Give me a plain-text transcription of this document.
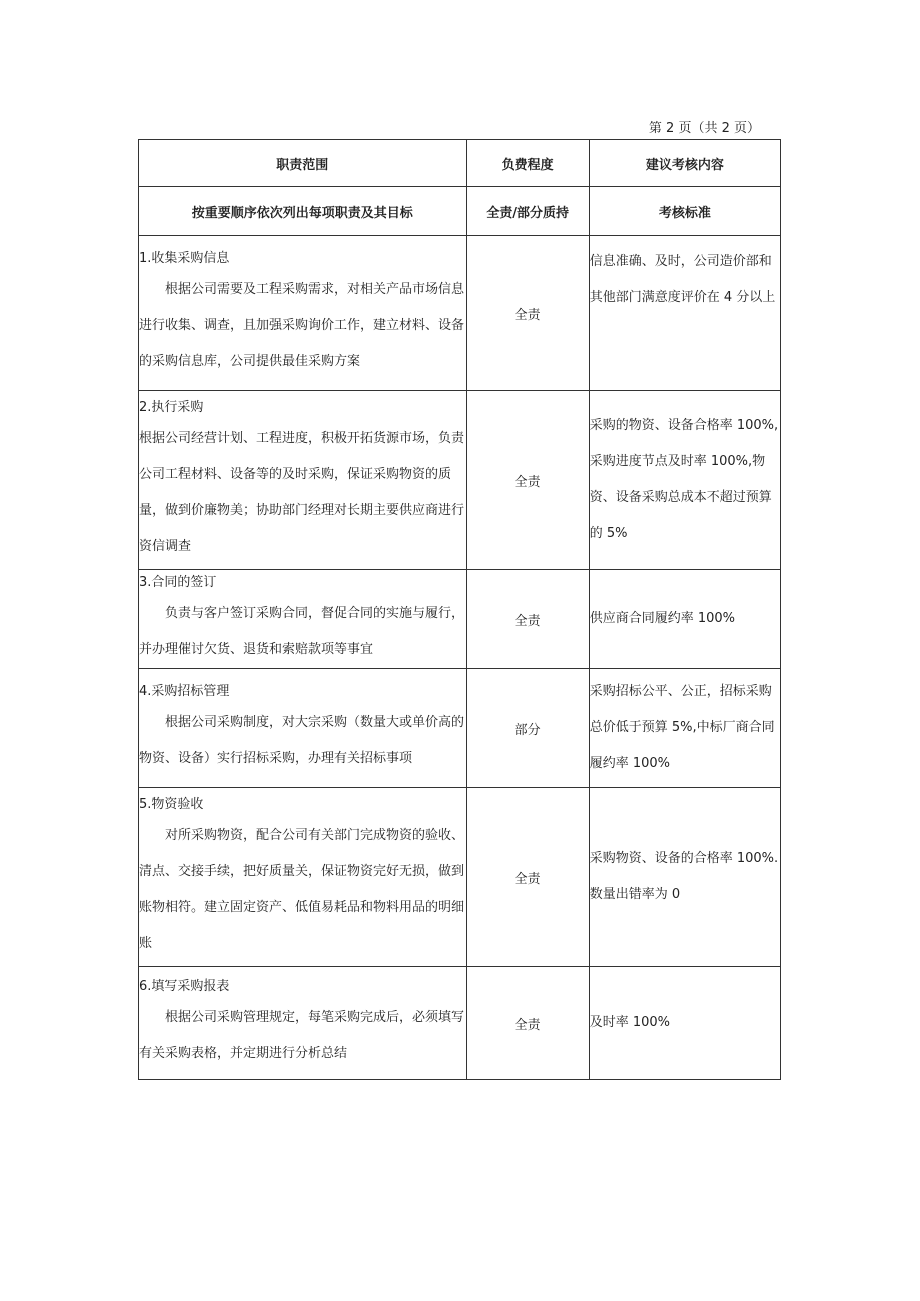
第 2 页（共 2 页）
职责范围	负费程度	建议考核内容
按重要顺序依次列出每项职责及其目标	全责/部分质持	考核标准

1.收集采购信息
根据公司需要及工程采购需求，对相关产品市场信息进行收集、调查，且加强采购询价工作，建立材料、设备的采购信息库，公司提供最佳采购方案	全责	信息准确、及时，公司造价部和其他部门满意度评价在 4 分以上

2.执行采购
根据公司经营计划、工程进度，积极开拓货源市场，负责公司工程材料、设备等的及时采购，保证采购物资的质量，做到价廉物美；协助部门经理对长期主要供应商进行资信调查	全责	采购的物资、设备合格率 100%,采购进度节点及时率 100%,物资、设备采购总成本不超过预算的 5%

3.合同的签订
负责与客户签订采购合同，督促合同的实施与履行，并办理催讨欠货、退货和索赔款项等事宜	全责	供应商合同履约率 100%

4.采购招标管理
根据公司采购制度，对大宗采购（数量大或单价高的物资、设备）实行招标采购，办理有关招标事项	部分	采购招标公平、公正，招标采购总价低于预算 5%,中标厂商合同履约率 100%

5.物资验收
对所采购物资，配合公司有关部门完成物资的验收、清点、交接手续，把好质量关，保证物资完好无损，做到账物相符。建立固定资产、低值易耗品和物料用品的明细账	全责	采购物资、设备的合格率 100%.数量出错率为 0

6.填写采购报表
根据公司采购管理规定，每笔采购完成后，必须填写有关采购表格，并定期进行分析总结	全责	及时率 100%
